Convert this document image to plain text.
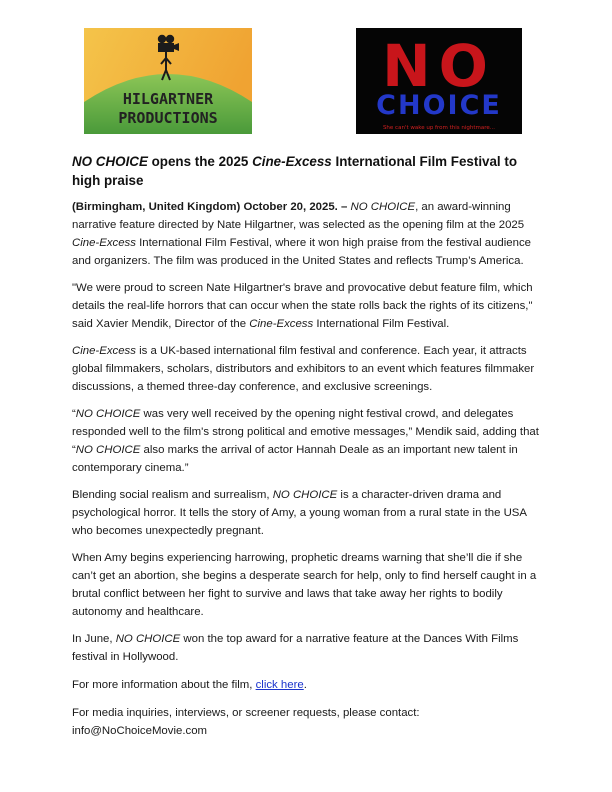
HILGARTNER
PRODUCTIONS
NO
CHOICE
She can't wake up from this nightmare...
NO CHOICE opens the 2025 Cine-Excess International Film Festival to high praise

(Birmingham, United Kingdom) October 20, 2025. – NO CHOICE, an award-winning narrative feature directed by Nate Hilgartner, was selected as the opening film at the 2025 Cine-Excess International Film Festival, where it won high praise from the festival audience and organizers. The film was produced in the United States and reflects Trump’s America.

"We were proud to screen Nate Hilgartner's brave and provocative debut feature film, which details the real-life horrors that can occur when the state rolls back the rights of its citizens," said Xavier Mendik, Director of the Cine-Excess International Film Festival.

Cine-Excess is a UK-based international film festival and conference. Each year, it attracts global filmmakers, scholars, distributors and exhibitors to an event which features filmmaker discussions, a themed three-day conference, and exclusive screenings.

“NO CHOICE was very well received by the opening night festival crowd, and delegates responded well to the film's strong political and emotive messages,” Mendik said, adding that “NO CHOICE also marks the arrival of actor Hannah Deale as an important new talent in contemporary cinema.”

Blending social realism and surrealism, NO CHOICE is a character-driven drama and psychological horror. It tells the story of Amy, a young woman from a rural state in the USA who becomes unexpectedly pregnant.

When Amy begins experiencing harrowing, prophetic dreams warning that she’ll die if she can’t get an abortion, she begins a desperate search for help, only to find herself caught in a brutal conflict between her fight to survive and laws that take away her rights to bodily autonomy and healthcare.

In June, NO CHOICE won the top award for a narrative feature at the Dances With Films festival in Hollywood.

For more information about the film, click here.

For media inquiries, interviews, or screener requests, please contact:
info@NoChoiceMovie.com
